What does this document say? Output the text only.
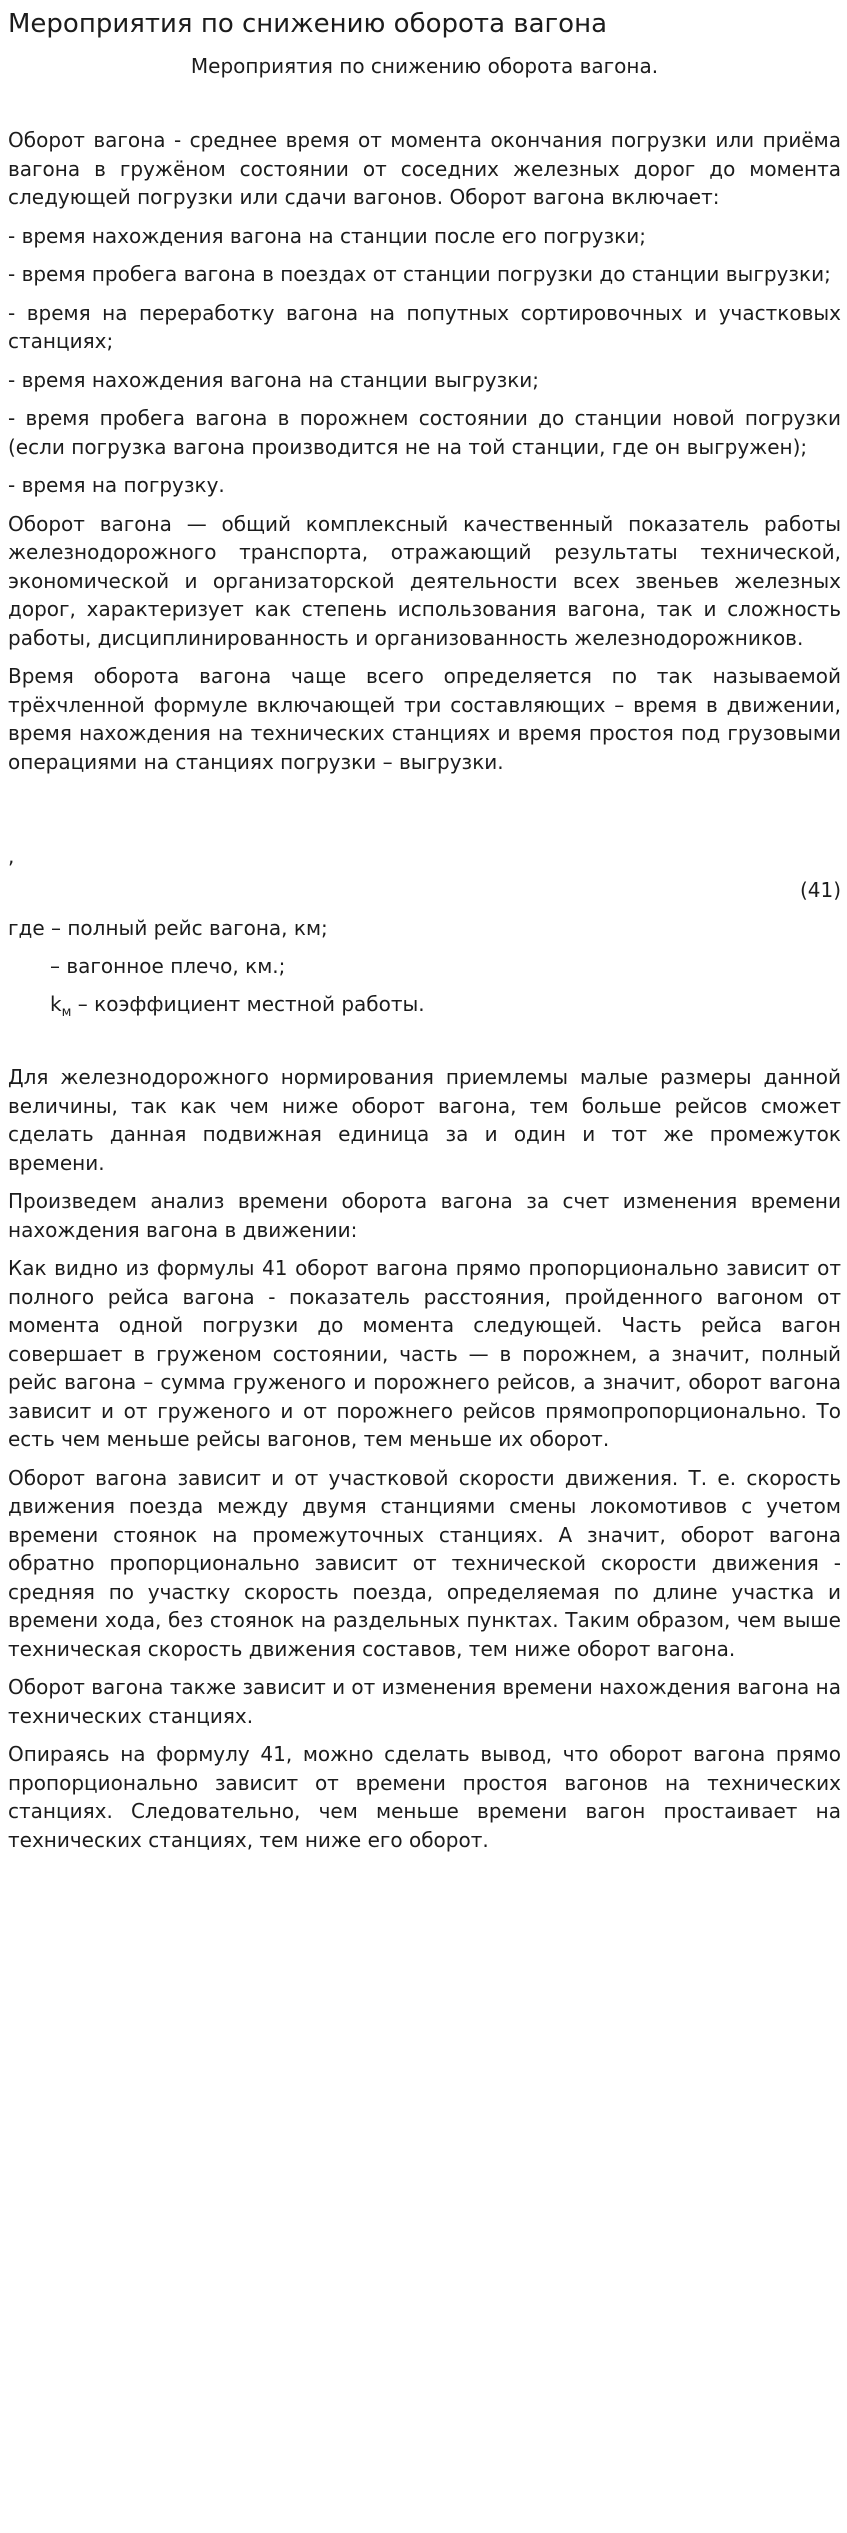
Мероприятия по снижению оборота вагона
Мероприятия по снижению оборота вагона.

Оборот вагона - среднее время от момента окончания погрузки или приёма вагона в гружёном состоянии от соседних железных дорог до момента следующей погрузки или сдачи вагонов. Оборот вагона включает:

- время нахождения вагона на станции после его погрузки;

- время пробега вагона в поездах от станции погрузки до станции выгрузки;

- время на переработку вагона на попутных сортировочных и участковых станциях;

- время нахождения вагона на станции выгрузки;

- время пробега вагона в порожнем состоянии до станции новой погрузки (если погрузка вагона производится не на той станции, где он выгружен);

- время на погрузку.

Оборот вагона — общий комплексный качественный показатель работы железнодорожного транспорта, отражающий результаты технической, экономической и организаторской деятельности всех звеньев железных дорог, характеризует как степень использования вагона, так и сложность работы, дисциплинированность и организованность железнодорожников.

Время оборота вагона чаще всего определяется по так называемой трёхчленной формуле включающей три составляющих – время в движении, время нахождения на технических станциях и время простоя под грузовыми операциями на станциях погрузки – выгрузки.

,
(41)
где – полный рейс вагона, км;
– вагонное плечо, км.;
$k_м$ – коэффициент местной работы.

Для железнодорожного нормирования приемлемы малые размеры данной величины, так как чем ниже оборот вагона, тем больше рейсов сможет сделать данная подвижная единица за и один и тот же промежуток времени.

Произведем анализ времени оборота вагона за счет изменения времени нахождения вагона в движении:

Как видно из формулы 41 оборот вагона прямо пропорционально зависит от полного рейса вагона - показатель расстояния, пройденного вагоном от момента одной погрузки до момента следующей. Часть рейса вагон совершает в груженом состоянии, часть — в порожнем, а значит, полный рейс вагона – сумма груженого и порожнего рейсов, а значит, оборот вагона зависит и от груженого и от порожнего рейсов прямопропорционально. То есть чем меньше рейсы вагонов, тем меньше их оборот.

Оборот вагона зависит и от участковой скорости движения. Т. е. скорость движения поезда между двумя станциями смены локомотивов с учетом времени стоянок на промежуточных станциях. А значит, оборот вагона обратно пропорционально зависит от технической скорости движения - средняя по участку скорость поезда, определяемая по длине участка и времени хода, без стоянок на раздельных пунктах. Таким образом, чем выше техническая скорость движения составов, тем ниже оборот вагона.

Оборот вагона также зависит и от изменения времени нахождения вагона на технических станциях.

Опираясь на формулу 41, можно сделать вывод, что оборот вагона прямо пропорционально зависит от времени простоя вагонов на технических станциях. Следовательно, чем меньше времени вагон простаивает на технических станциях, тем ниже его оборот.
